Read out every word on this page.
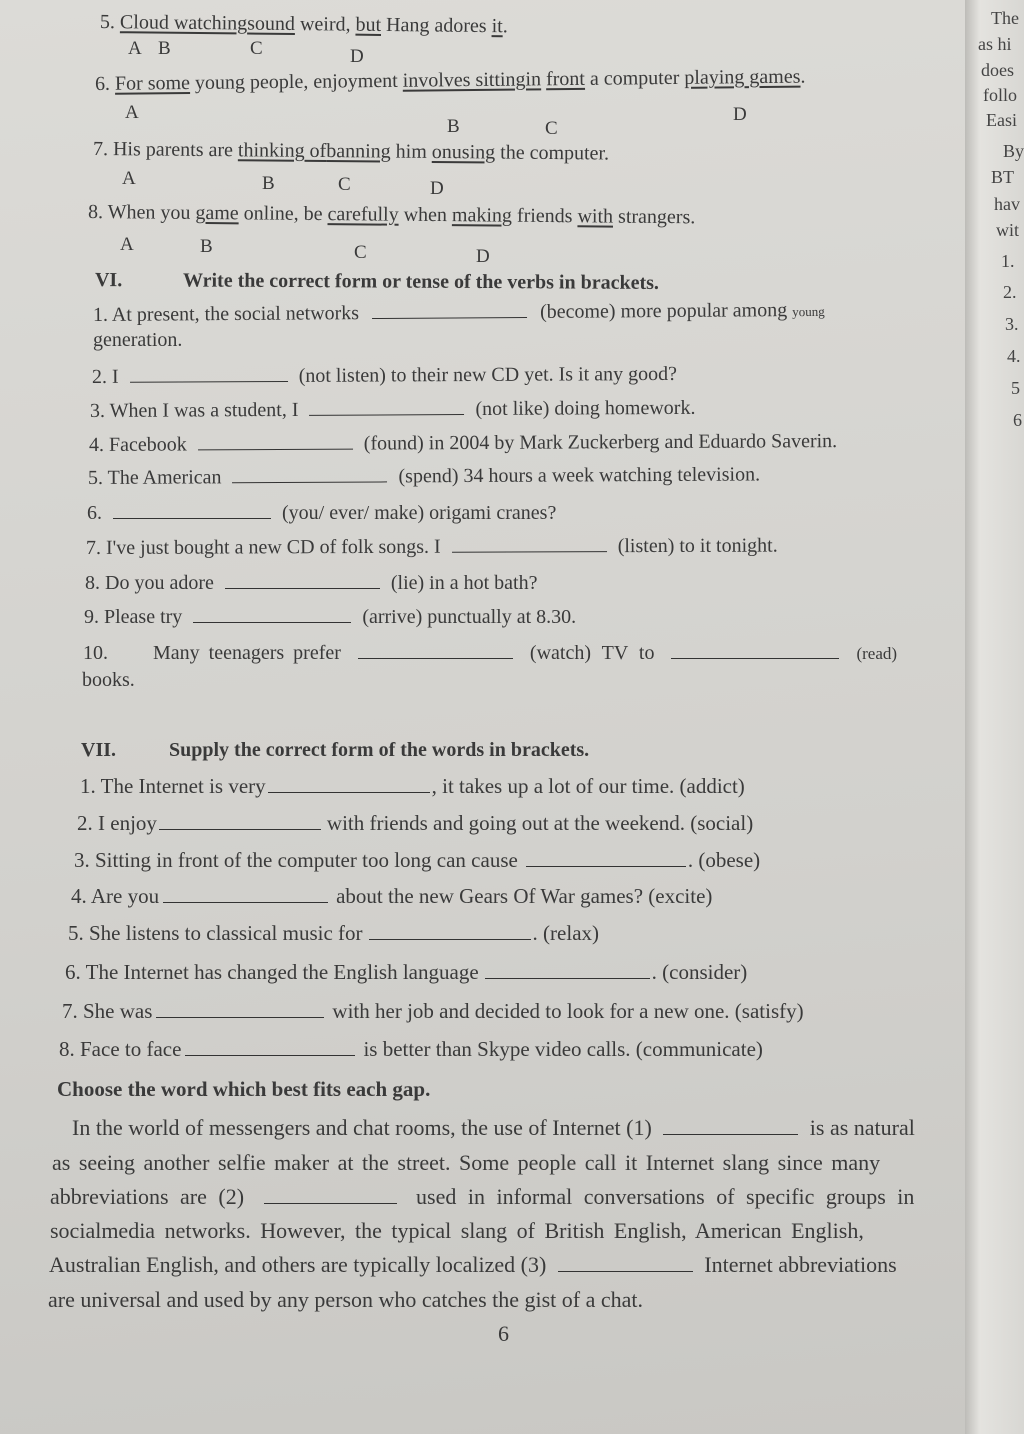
5. Cloud watchingsound weird, but Hang adores it.
A B	C	D
6. For some young people, enjoyment involves sittingin front a computer playing games.
A
B	C
D
7. His parents are thinking ofbanning him onusing the computer.
A	B	C	D
8. When you game online, be carefully when making friends with strangers.
A	B	C	D
VI.	Write the correct form or tense of the verbs in brackets.
1. At present, the social networks	(become) more popular among young
generation.
2. I	(not listen) to their new CD yet. Is it any good?
3. When I was a student, I	(not like) doing homework.
4. Facebook	(found) in 2004 by Mark Zuckerberg and Eduardo Saverin.
5. The American	(spend) 34 hours a week watching television.
6.	(you/ ever/ make) origami cranes?
7. I've just bought a new CD of folk songs. I	(listen) to it tonight.
8. Do you adore	(lie) in a hot bath?
9. Please try	(arrive) punctually at 8.30.
10. Many teenagers prefer	(watch) TV to	(read)
books.
VII.	Supply the correct form of the words in brackets.
1. The Internet is very	, it takes up a lot of our time. (addict)
2. I enjoy	with friends and going out at the weekend. (social)
3. Sitting in front of the computer too long can cause	. (obese)
4. Are you	about the new Gears Of War games? (excite)
5. She listens to classical music for	. (relax)
6. The Internet has changed the English language	. (consider)
7. She was	with her job and decided to look for a new one. (satisfy)
8. Face to face	is better than Skype video calls. (communicate)
Choose the word which best fits each gap.
In the world of messengers and chat rooms, the use of Internet (1)	is as natural
as seeing another selfie maker at the street. Some people call it Internet slang since many
abbreviations are (2)	used in informal conversations of specific groups in
socialmedia networks. However, the typical slang of British English, American English,
Australian English, and others are typically localized (3)	Internet abbreviations
are universal and used by any person who catches the gist of a chat.
6
The
as hi
does
follo
Easi
By
BT
hav
wit
1.
2.
3.
4.
5
6
